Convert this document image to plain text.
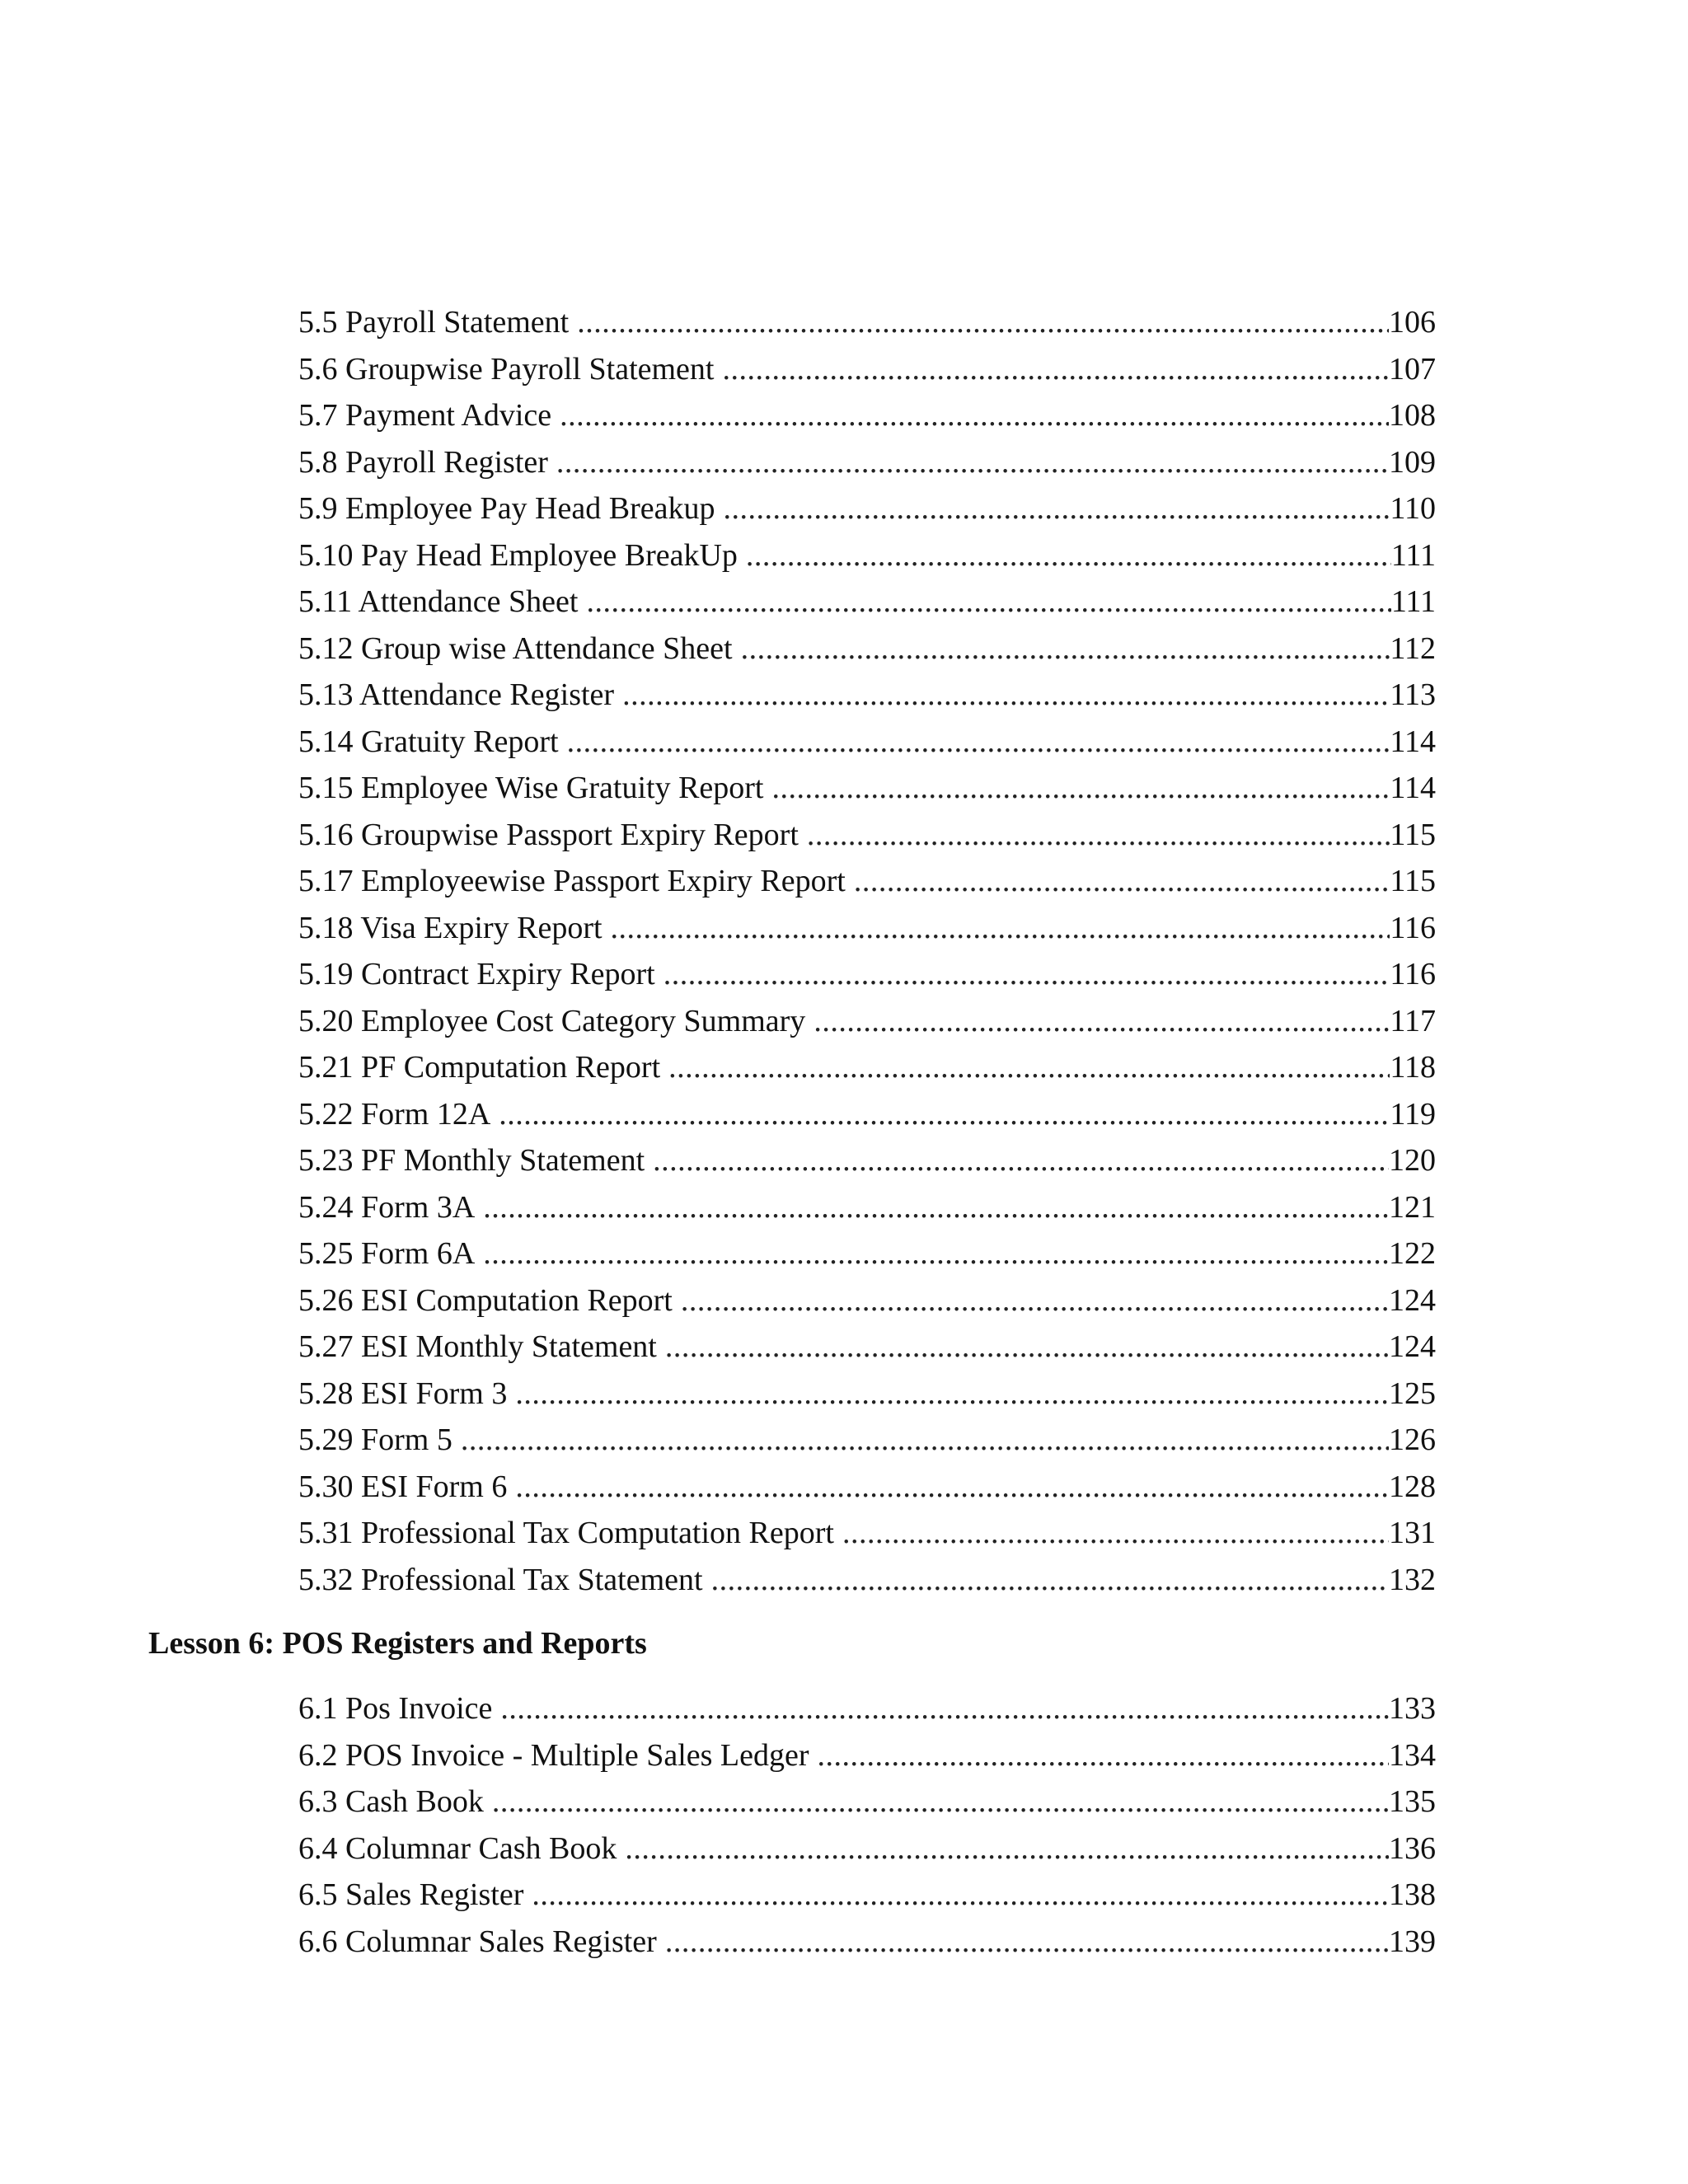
5.5 Payroll Statement .....	106
5.6 Groupwise Payroll Statement .....	107
5.7 Payment Advice .....	108
5.8 Payroll Register .....	109
5.9 Employee Pay Head Breakup .....	110
5.10 Pay Head Employee BreakUp .....	111
5.11 Attendance Sheet .....	111
5.12 Group wise Attendance Sheet .....	112
5.13 Attendance Register .....	113
5.14 Gratuity Report .....	114
5.15 Employee Wise Gratuity Report .....	114
5.16 Groupwise Passport Expiry Report .....	115
5.17 Employeewise Passport Expiry Report .....	115
5.18 Visa Expiry Report .....	116
5.19 Contract Expiry Report .....	116
5.20 Employee Cost Category Summary .....	117
5.21 PF Computation Report .....	118
5.22 Form 12A .....	119
5.23 PF Monthly Statement .....	120
5.24 Form 3A .....	121
5.25 Form 6A .....	122
5.26 ESI Computation Report .....	124
5.27 ESI Monthly Statement .....	124
5.28 ESI Form 3 .....	125
5.29 Form 5 .....	126
5.30 ESI Form 6 .....	128
5.31 Professional Tax Computation Report .....	131
5.32 Professional Tax Statement .....	132
Lesson 6: POS Registers and Reports
6.1 Pos Invoice .....	133
6.2 POS Invoice - Multiple Sales Ledger .....	134
6.3 Cash Book .....	135
6.4 Columnar Cash Book .....	136
6.5 Sales Register .....	138
6.6 Columnar Sales Register .....	139
